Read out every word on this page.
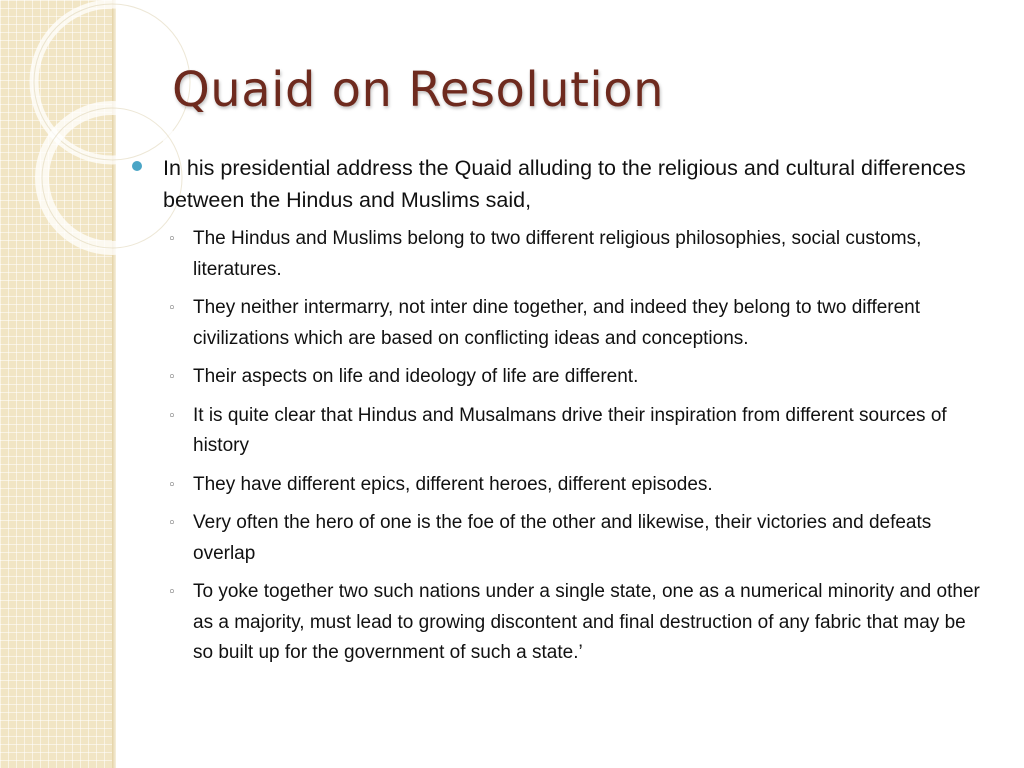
Quaid on Resolution
In his presidential address the Quaid alluding to the religious and cultural differences between the Hindus and Muslims said,
◦ The Hindus and Muslims belong to two different religious philosophies, social customs, literatures.
◦ They neither intermarry, not inter dine together, and indeed they belong to two different civilizations which are based on conflicting ideas and conceptions.
◦ Their aspects on life and ideology of life are different.
◦ It is quite clear that Hindus and Musalmans drive their inspiration from different sources of history
◦ They have different epics, different heroes, different episodes.
◦ Very often the hero of one is the foe of the other and likewise, their victories and defeats overlap
◦ To yoke together two such nations under a single state, one as a numerical minority and other as a majority, must lead to growing discontent and final destruction of any fabric that may be so built up for the government of such a state.’
